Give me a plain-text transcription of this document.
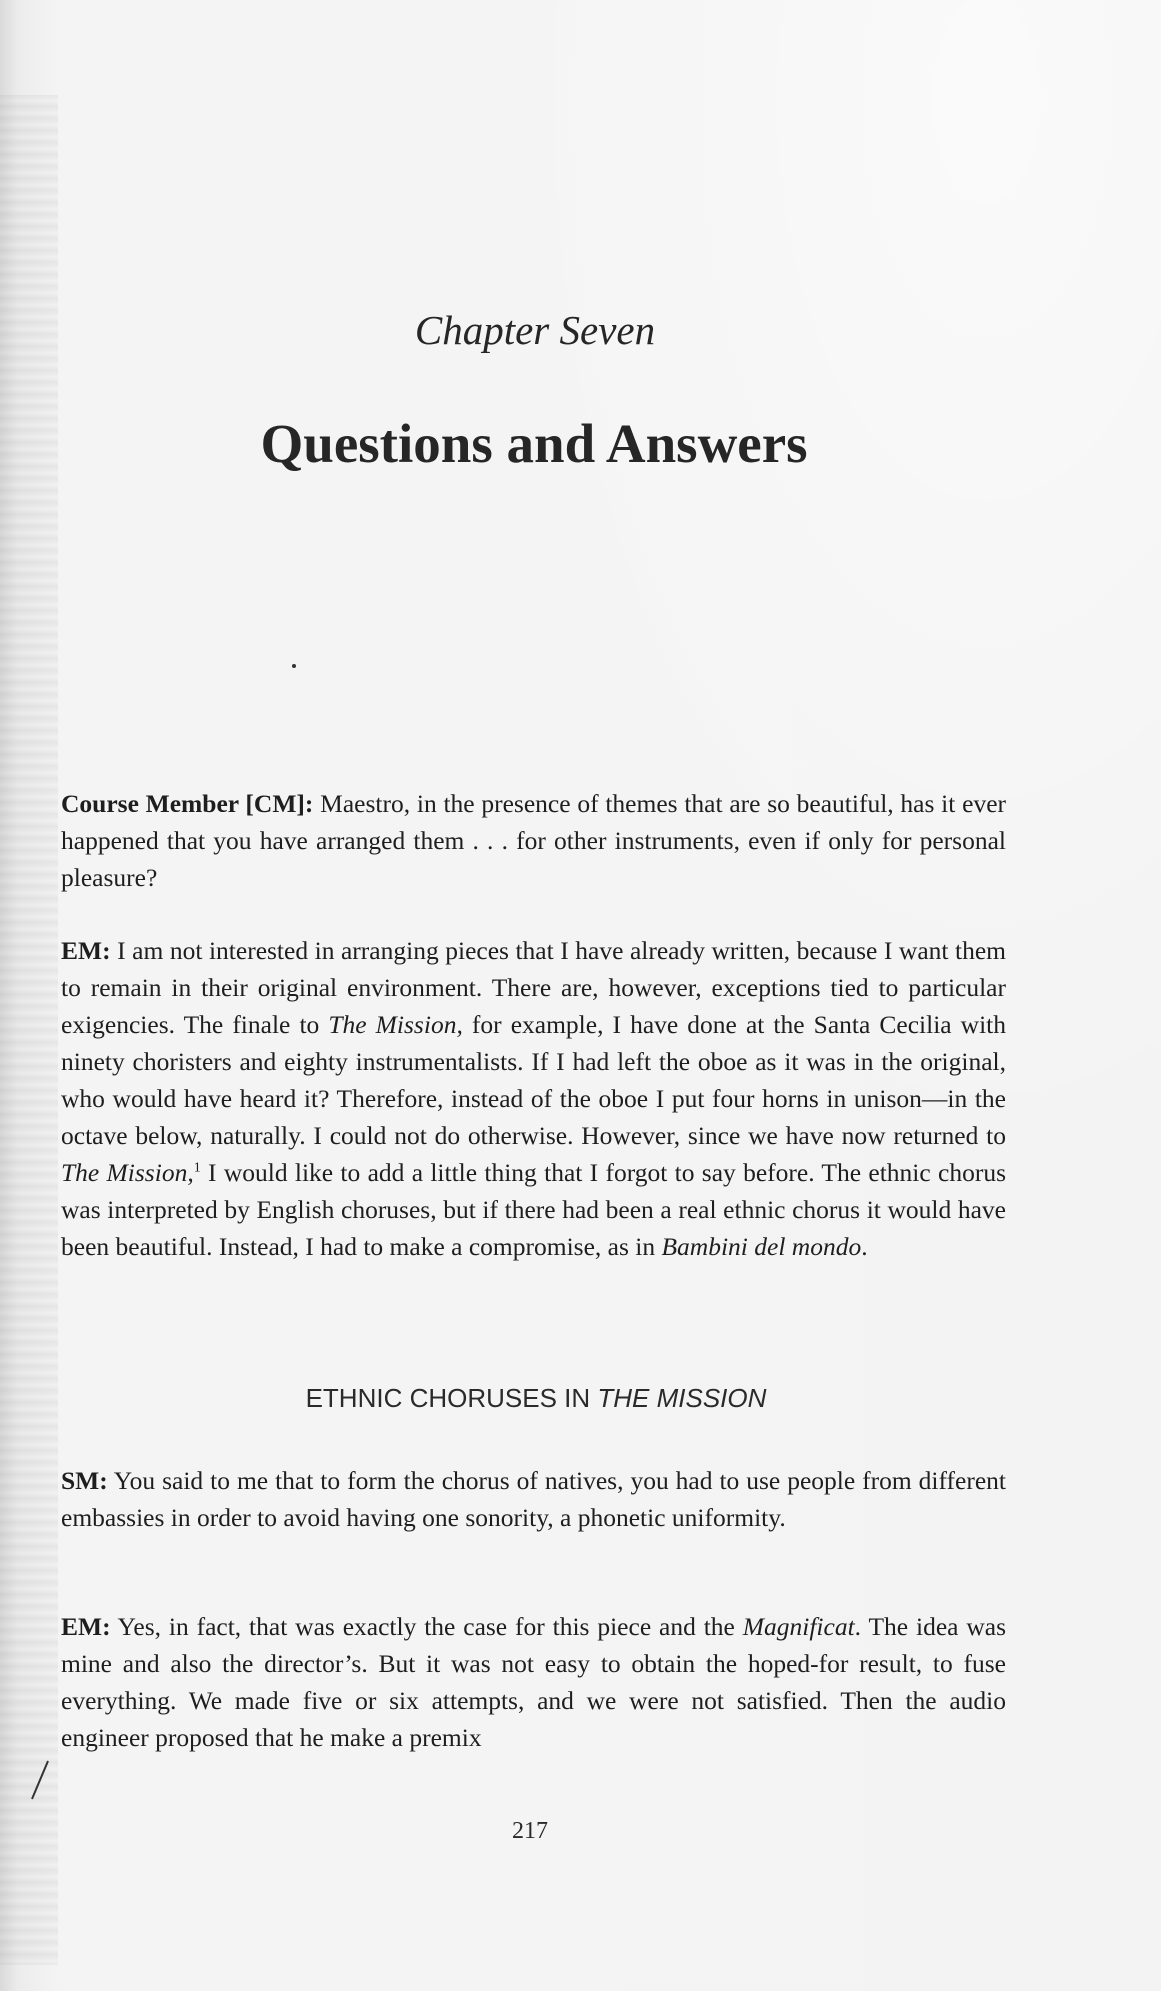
Chapter Seven
Questions and Answers
Course Member [CM]: Maestro, in the presence of themes that are so beautiful, has it ever happened that you have arranged them . . . for other instruments, even if only for personal pleasure?
EM: I am not interested in arranging pieces that I have already written, because I want them to remain in their original environment. There are, however, exceptions tied to particular exigencies. The finale to The Mission, for example, I have done at the Santa Cecilia with ninety choristers and eighty instrumentalists. If I had left the oboe as it was in the original, who would have heard it? Therefore, instead of the oboe I put four horns in unison—in the octave below, naturally. I could not do otherwise. However, since we have now returned to The Mission,$^1$ I would like to add a little thing that I forgot to say before. The ethnic chorus was interpreted by English choruses, but if there had been a real ethnic chorus it would have been beautiful. Instead, I had to make a compromise, as in Bambini del mondo.
ETHNIC CHORUSES IN THE MISSION
SM: You said to me that to form the chorus of natives, you had to use people from different embassies in order to avoid having one sonority, a phonetic uniformity.
EM: Yes, in fact, that was exactly the case for this piece and the Magnificat. The idea was mine and also the director’s. But it was not easy to obtain the hoped-for result, to fuse everything. We made five or six attempts, and we were not satisfied. Then the audio engineer proposed that he make a premix
217
